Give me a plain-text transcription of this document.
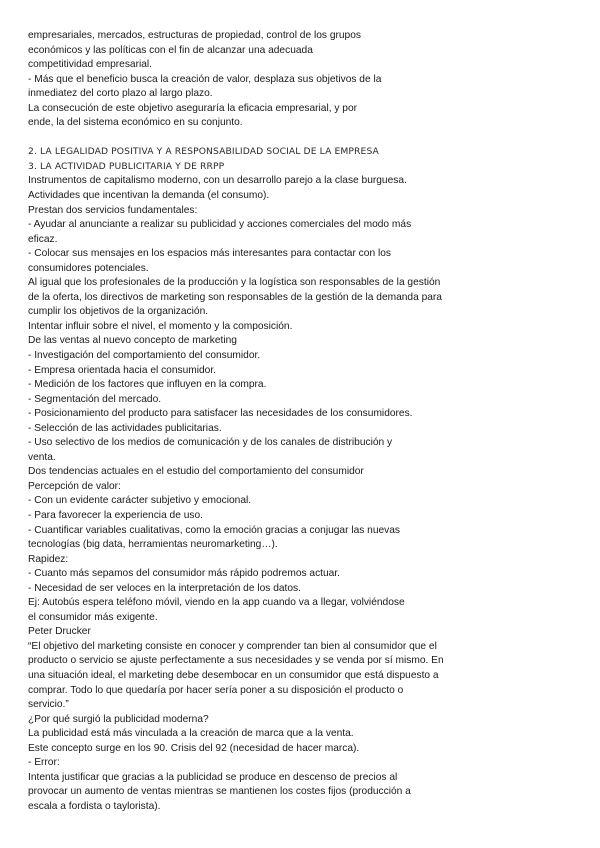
empresariales, mercados, estructuras de propiedad, control de los grupos
económicos y las políticas con el fin de alcanzar una adecuada
competitividad empresarial.
- Más que el beneficio busca la creación de valor, desplaza sus objetivos de la
inmediatez del corto plazo al largo plazo.
La consecución de este objetivo aseguraría la eficacia empresarial, y por
ende, la del sistema económico en su conjunto.
2. LA LEGALIDAD POSITIVA Y A RESPONSABILIDAD SOCIAL DE LA EMPRESA
3. LA ACTIVIDAD PUBLICITARIA Y DE RRPP
Instrumentos de capitalismo moderno, con un desarrollo parejo a la clase burguesa.
Actividades que incentivan la demanda (el consumo).
Prestan dos servicios fundamentales:
- Ayudar al anunciante a realizar su publicidad y acciones comerciales del modo más
eficaz.
- Colocar sus mensajes en los espacios más interesantes para contactar con los
consumidores potenciales.
Al igual que los profesionales de la producción y la logística son responsables de la gestión
de la oferta, los directivos de marketing son responsables de la gestión de la demanda para
cumplir los objetivos de la organización.
Intentar influir sobre el nivel, el momento y la composición.
De las ventas al nuevo concepto de marketing
- Investigación del comportamiento del consumidor.
- Empresa orientada hacia el consumidor.
- Medición de los factores que influyen en la compra.
- Segmentación del mercado.
- Posicionamiento del producto para satisfacer las necesidades de los consumidores.
- Selección de las actividades publicitarias.
- Uso selectivo de los medios de comunicación y de los canales de distribución y
venta.
Dos tendencias actuales en el estudio del comportamiento del consumidor
Percepción de valor:
- Con un evidente carácter subjetivo y emocional.
- Para favorecer la experiencia de uso.
- Cuantificar variables cualitativas, como la emoción gracias a conjugar las nuevas
tecnologías (big data, herramientas neuromarketing…).
Rapidez:
- Cuanto más sepamos del consumidor más rápido podremos actuar.
- Necesidad de ser veloces en la interpretación de los datos.
Ej: Autobús espera teléfono móvil, viendo en la app cuando va a llegar, volviéndose
el consumidor más exigente.
Peter Drucker
“El objetivo del marketing consiste en conocer y comprender tan bien al consumidor que el
producto o servicio se ajuste perfectamente a sus necesidades y se venda por sí mismo. En
una situación ideal, el marketing debe desembocar en un consumidor que está dispuesto a
comprar. Todo lo que quedaría por hacer sería poner a su disposición el producto o
servicio.”
¿Por qué surgió la publicidad moderna?
La publicidad está más vinculada a la creación de marca que a la venta.
Este concepto surge en los 90. Crisis del 92 (necesidad de hacer marca).
- Error:
Intenta justificar que gracias a la publicidad se produce en descenso de precios al
provocar un aumento de ventas mientras se mantienen los costes fijos (producción a
escala a fordista o taylorista).
